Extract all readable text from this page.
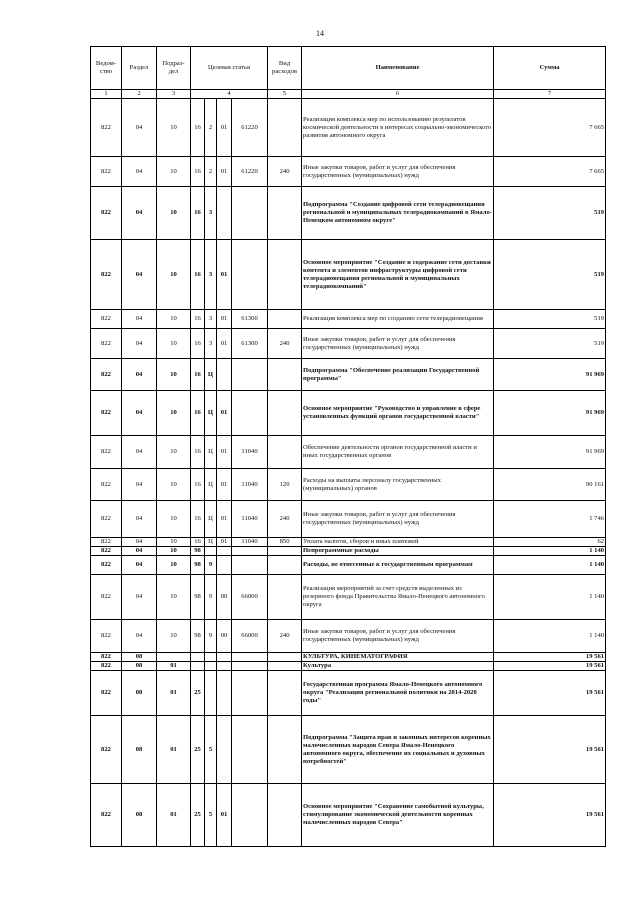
14
Ведом-ство	Раздел	Подраз-дел	Целевая статья				Вид расходов	Наименование	Сумма
1	2	3	4				5	6	7
822	04	10	16	2	01	61220		Реализация комплекса мер по использованию результатов космической деятельности в интересах социально-экономического развития автономного округа	7 665
822	04	10	16	2	01	61220	240	Иные закупки товаров, работ и услуг для обеспечения государственных (муниципальных) нужд	7 665
822	04	10	16	3				Подпрограмма "Создание цифровой сети телерадиовещания региональной и муниципальных телерадиокомпаний в Ямало-Ненецком автономном округе"	519
822	04	10	16	3	01			Основное мероприятие "Создание и содержание сети доставки контента и элементов инфраструктуры цифровой сети телерадиовещания региональной и муниципальных телерадиокомпаний"	519
822	04	10	16	3	01	61300		Реализация комплекса мер по созданию сети телерадиовещания	519
822	04	10	16	3	01	61300	240	Иные закупки товаров, работ и услуг для обеспечения государственных (муниципальных) нужд	519
822	04	10	16	Ц				Подпрограмма "Обеспечение реализации Государственной программы"	91 969
822	04	10	16	Ц	01			Основное мероприятие "Руководство и управление в сфере установленных функций органов государственной власти"	91 969
822	04	10	16	Ц	01	11040		Обеспечение деятельности органов государственной власти и иных государственных органов	91 969
822	04	10	16	Ц	01	11040	120	Расходы на выплаты персоналу государственных (муниципальных) органов	90 161
822	04	10	16	Ц	01	11040	240	Иные закупки товаров, работ и услуг для обеспечения государственных (муниципальных) нужд	1 746
822	04	10	16	Ц	01	11040	850	Уплата налогов, сборов и иных платежей	62
822	04	10	98					Непрограммные расходы	1 140
822	04	10	98	9				Расходы, не отнесенные к государственным программам	1 140
822	04	10	98	9	00	66000		Реализация мероприятий за счет средств выделенных из резервного фонда Правительства Ямало-Ненецкого автономного округа	1 140
822	04	10	98	9	00	66000	240	Иные закупки товаров, работ и услуг для обеспечения государственных (муниципальных) нужд	1 140
822	08							КУЛЬТУРА, КИНЕМАТОГРАФИЯ	19 561
822	08	01						Культура	19 561
822	08	01	25					Государственная программа Ямало-Ненецкого автономного округа "Реализация региональной политики на 2014-2020 годы"	19 561
822	08	01	25	5				Подпрограмма "Защита прав и законных интересов коренных малочисленных народов Севера Ямало-Ненецкого автономного округа, обеспечение их социальных и духовных потребностей"	19 561
822	08	01	25	5	01			Основное мероприятие "Сохранение самобытной культуры, стимулирование экономической деятельности коренных малочисленных народов Севера"	19 561
